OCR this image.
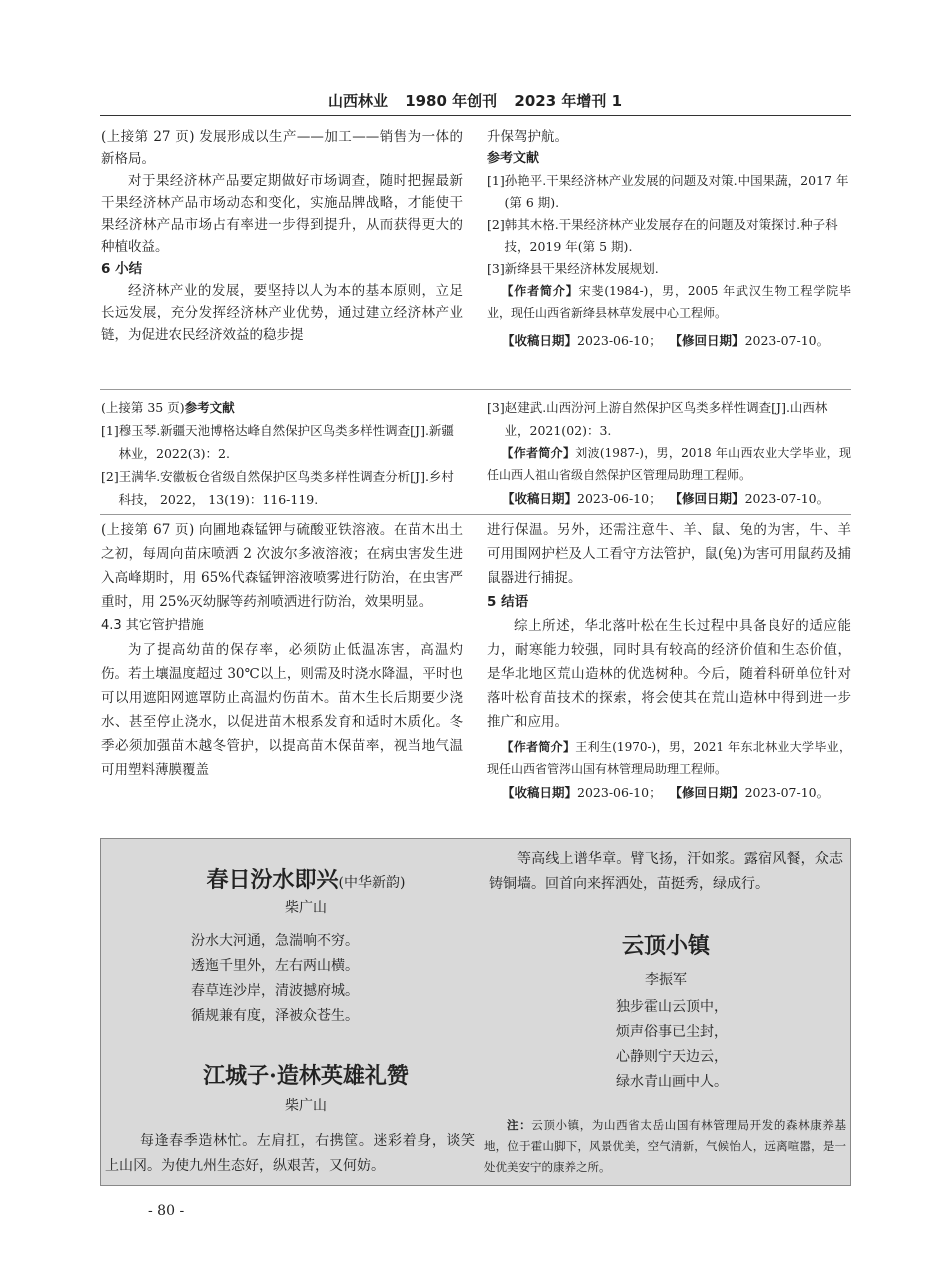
山西林业 1980 年创刊 2023 年增刊 1

(上接第 27 页) 发展形成以生产——加工——销售为一体的新格局。

对于果经济林产品要定期做好市场调查，随时把握最新干果经济林产品市场动态和变化，实施品牌战略，才能使干果经济林产品市场占有率进一步得到提升，从而获得更大的种植收益。

6 小结

经济林产业的发展，要坚持以人为本的基本原则，立足长远发展，充分发挥经济林产业优势，通过建立经济林产业链，为促进农民经济效益的稳步提

升保驾护航。

参考文献

[1]孙艳平.干果经济林产业发展的问题及对策.中国果蔬，2017 年(第 6 期).

[2]韩其木格.干果经济林产业发展存在的问题及对策探讨.种子科技，2019 年(第 5 期).

[3]新绛县干果经济林发展规划.

【作者简介】宋斐(1984-)，男，2005 年武汉生物工程学院毕业，现任山西省新绛县林草发展中心工程师。

【收稿日期】2023-06-10； 【修回日期】2023-07-10。

(上接第 35 页)参考文献

[1]穆玉琴.新疆天池博格达峰自然保护区鸟类多样性调查[J].新疆林业，2022(3)：2.

[2]王满华.安徽板仓省级自然保护区鸟类多样性调查分析[J].乡村科技， 2022， 13(19)：116-119.

[3]赵建武.山西汾河上游自然保护区鸟类多样性调查[J].山西林业，2021(02)：3.

【作者简介】刘波(1987-)，男，2018 年山西农业大学毕业，现任山西人祖山省级自然保护区管理局助理工程师。

【收稿日期】2023-06-10； 【修回日期】2023-07-10。

(上接第 67 页) 向圃地森锰钾与硫酸亚铁溶液。在苗木出土之初，每周向苗床喷洒 2 次波尔多液溶液；在病虫害发生进入高峰期时，用 65%代森锰钾溶液喷雾进行防治，在虫害严重时，用 25%灭幼脲等药剂喷洒进行防治，效果明显。

4.3 其它管护措施

为了提高幼苗的保存率，必须防止低温冻害，高温灼伤。若土壤温度超过 30℃以上，则需及时浇水降温，平时也可以用遮阳网遮罩防止高温灼伤苗木。苗木生长后期要少浇水、甚至停止浇水，以促进苗木根系发育和适时木质化。冬季必须加强苗木越冬管护，以提高苗木保苗率，视当地气温可用塑料薄膜覆盖

进行保温。另外，还需注意牛、羊、鼠、兔的为害，牛、羊可用围网护栏及人工看守方法管护，鼠(兔)为害可用鼠药及捕鼠器进行捕捉。

5 结语

综上所述，华北落叶松在生长过程中具备良好的适应能力，耐寒能力较强，同时具有较高的经济价值和生态价值，是华北地区荒山造林的优选树种。今后，随着科研单位针对落叶松育苗技术的探索，将会使其在荒山造林中得到进一步推广和应用。

【作者简介】王利生(1970-)，男，2021 年东北林业大学毕业，现任山西省管涔山国有林管理局助理工程师。

【收稿日期】2023-06-10； 【修回日期】2023-07-10。

春日汾水即兴(中华新韵)
柴广山
汾水大河通，急湍响不穷。
透迤千里外，左右两山横。
春草连沙岸，清波撼府城。
循规兼有度，泽被众苍生。
江城子·造林英雄礼赞
柴广山
每逢春季造林忙。左肩扛，右携筐。迷彩着身，谈笑上山冈。为使九州生态好，纵艰苦，又何妨。
等高线上谱华章。臂飞扬，汗如浆。露宿风餐，众志铸铜墙。回首向来挥洒处，苗挺秀，绿成行。
云顶小镇
李振军
独步霍山云顶中，
烦声俗事已尘封，
心静则宁天边云，
绿水青山画中人。
注：云顶小镇，为山西省太岳山国有林管理局开发的森林康养基地，位于霍山脚下，风景优美，空气清新，气候怡人，远离喧嚣，是一处优美安宁的康养之所。
- 80 -
